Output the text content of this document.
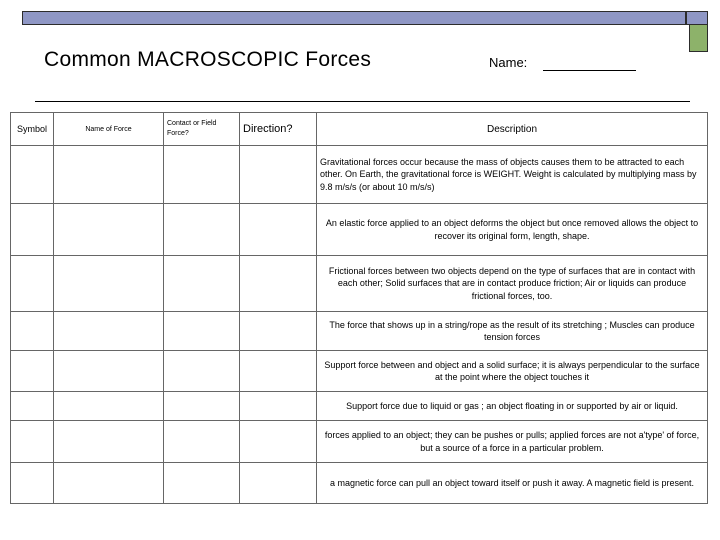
Common MACROSCOPIC Forces	Name:
Symbol	Name of Force	Contact or Field Force?	Direction?	Description
				Gravitational forces occur because the mass of objects causes them to be attracted to each other. On Earth, the gravitational force is WEIGHT. Weight is calculated by multiplying mass by 9.8 m/s/s (or about 10 m/s/s)
				An elastic force applied to an object deforms the object but once removed allows the object to recover its original form, length, shape.
				Frictional forces between two objects depend on the type of surfaces that are in contact with each other; Solid surfaces that are in contact produce friction; Air or liquids can produce frictional forces, too.
				The force that shows up in a string/rope as the result of its stretching ; Muscles can produce tension forces
				Support force between and object and a solid surface; it is always perpendicular to the surface at the point where the object touches it
				Support force due to liquid or gas ; an object floating in or supported by air or liquid.
				forces applied to an object; they can be pushes or pulls; applied forces are not a'type' of force, but a source of a force in a particular problem.
				a magnetic force can pull an object toward itself or push it away. A magnetic field is present.
